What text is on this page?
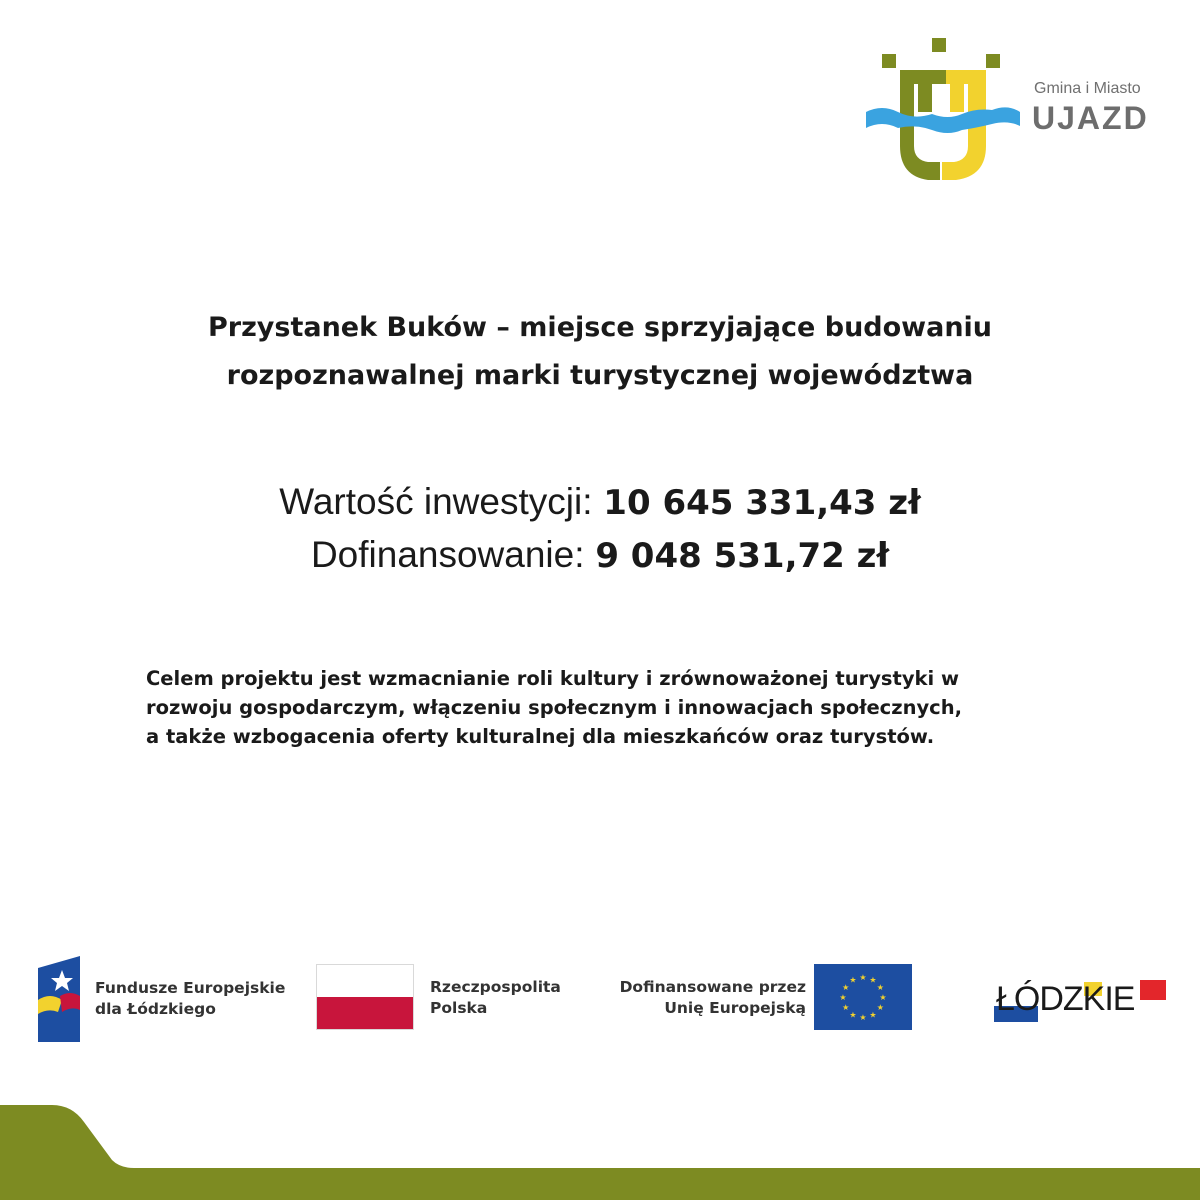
Gmina i Miasto
UJAZD
Przystanek Buków – miejsce sprzyjające budowaniu
rozpoznawalnej marki turystycznej województwa
Wartość inwestycji: 10 645 331,43 zł
Dofinansowanie: 9 048 531,72 zł
Celem projektu jest wzmacnianie roli kultury i zrównoważonej turystyki w
rozwoju gospodarczym, włączeniu społecznym i innowacjach społecznych,
a także wzbogacenia oferty kulturalnej dla mieszkańców oraz turystów.
Fundusze Europejskie
dla Łódzkiego
Rzeczpospolita
Polska
Dofinansowane przez
Unię Europejską
★ ★
★
★
★
★
★
★
★
★
★
★	ŁÓDZKIE
